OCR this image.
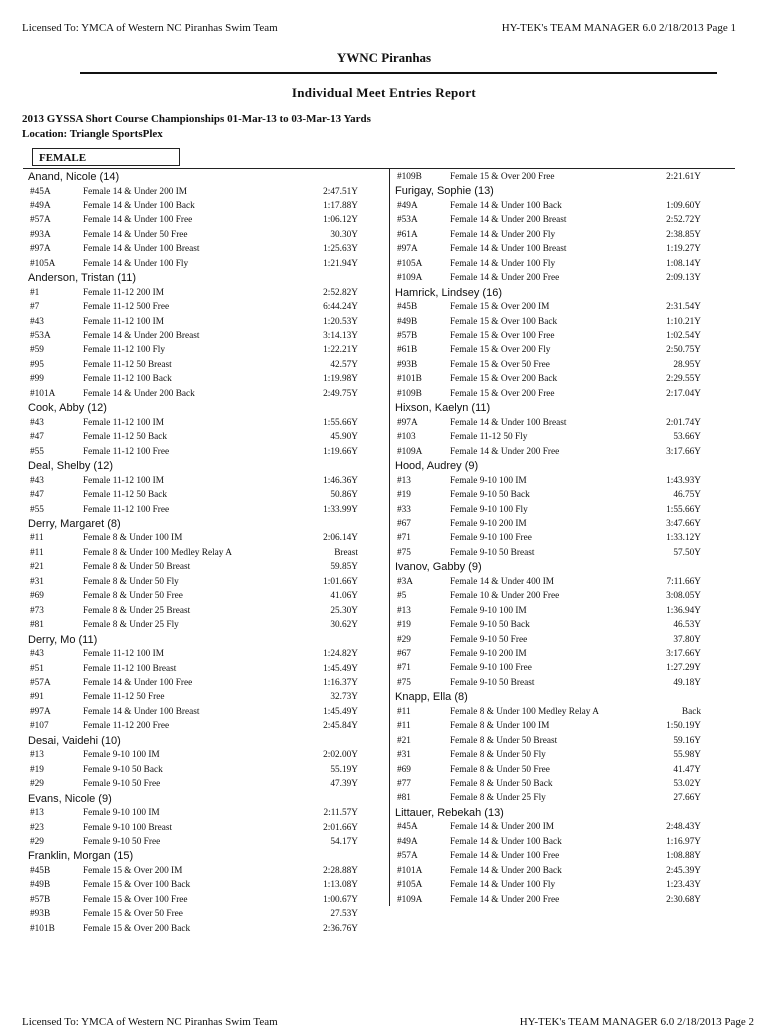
Licensed To: YMCA of Western NC Piranhas Swim Team	HY-TEK's TEAM MANAGER 6.0 2/18/2013 Page 1
YWNC Piranhas
Individual Meet Entries Report
2013 GYSSA Short Course Championships 01-Mar-13 to 03-Mar-13 Yards
Location: Triangle SportsPlex
FEMALE
Anand, Nicole (14)
#45A	Female 14 & Under 200 IM	2:47.51Y
#49A	Female 14 & Under 100 Back	1:17.88Y
#57A	Female 14 & Under 100 Free	1:06.12Y
#93A	Female 14 & Under 50 Free	30.30Y
#97A	Female 14 & Under 100 Breast	1:25.63Y
#105A	Female 14 & Under 100 Fly	1:21.94Y
Anderson, Tristan (11)
#1	Female 11-12 200 IM	2:52.82Y
#7	Female 11-12 500 Free	6:44.24Y
#43	Female 11-12 100 IM	1:20.53Y
#53A	Female 14 & Under 200 Breast	3:14.13Y
#59	Female 11-12 100 Fly	1:22.21Y
#95	Female 11-12 50 Breast	42.57Y
#99	Female 11-12 100 Back	1:19.98Y
#101A	Female 14 & Under 200 Back	2:49.75Y
Cook, Abby (12)
#43	Female 11-12 100 IM	1:55.66Y
#47	Female 11-12 50 Back	45.90Y
#55	Female 11-12 100 Free	1:19.66Y
Deal, Shelby (12)
#43	Female 11-12 100 IM	1:46.36Y
#47	Female 11-12 50 Back	50.86Y
#55	Female 11-12 100 Free	1:33.99Y
Derry, Margaret (8)
#11	Female 8 & Under 100 IM	2:06.14Y
#11	Female 8 & Under 100 Medley Relay A	Breast
#21	Female 8 & Under 50 Breast	59.85Y
#31	Female 8 & Under 50 Fly	1:01.66Y
#69	Female 8 & Under 50 Free	41.06Y
#73	Female 8 & Under 25 Breast	25.30Y
#81	Female 8 & Under 25 Fly	30.62Y
Derry, Mo (11)
#43	Female 11-12 100 IM	1:24.82Y
#51	Female 11-12 100 Breast	1:45.49Y
#57A	Female 14 & Under 100 Free	1:16.37Y
#91	Female 11-12 50 Free	32.73Y
#97A	Female 14 & Under 100 Breast	1:45.49Y
#107	Female 11-12 200 Free	2:45.84Y
Desai, Vaidehi (10)
#13	Female 9-10 100 IM	2:02.00Y
#19	Female 9-10 50 Back	55.19Y
#29	Female 9-10 50 Free	47.39Y
Evans, Nicole (9)
#13	Female 9-10 100 IM	2:11.57Y
#23	Female 9-10 100 Breast	2:01.66Y
#29	Female 9-10 50 Free	54.17Y
Franklin, Morgan (15)
#45B	Female 15 & Over 200 IM	2:28.88Y
#49B	Female 15 & Over 100 Back	1:13.08Y
#57B	Female 15 & Over 100 Free	1:00.67Y
#93B	Female 15 & Over 50 Free	27.53Y
#101B	Female 15 & Over 200 Back	2:36.76Y
#109B	Female 15 & Over 200 Free	2:21.61Y
Furigay, Sophie (13)
#49A	Female 14 & Under 100 Back	1:09.60Y
#53A	Female 14 & Under 200 Breast	2:52.72Y
#61A	Female 14 & Under 200 Fly	2:38.85Y
#97A	Female 14 & Under 100 Breast	1:19.27Y
#105A	Female 14 & Under 100 Fly	1:08.14Y
#109A	Female 14 & Under 200 Free	2:09.13Y
Hamrick, Lindsey (16)
#45B	Female 15 & Over 200 IM	2:31.54Y
#49B	Female 15 & Over 100 Back	1:10.21Y
#57B	Female 15 & Over 100 Free	1:02.54Y
#61B	Female 15 & Over 200 Fly	2:50.75Y
#93B	Female 15 & Over 50 Free	28.95Y
#101B	Female 15 & Over 200 Back	2:29.55Y
#109B	Female 15 & Over 200 Free	2:17.04Y
Hixson, Kaelyn (11)
#97A	Female 14 & Under 100 Breast	2:01.74Y
#103	Female 11-12 50 Fly	53.66Y
#109A	Female 14 & Under 200 Free	3:17.66Y
Hood, Audrey (9)
#13	Female 9-10 100 IM	1:43.93Y
#19	Female 9-10 50 Back	46.75Y
#33	Female 9-10 100 Fly	1:55.66Y
#67	Female 9-10 200 IM	3:47.66Y
#71	Female 9-10 100 Free	1:33.12Y
#75	Female 9-10 50 Breast	57.50Y
Ivanov, Gabby (9)
#3A	Female 14 & Under 400 IM	7:11.66Y
#5	Female 10 & Under 200 Free	3:08.05Y
#13	Female 9-10 100 IM	1:36.94Y
#19	Female 9-10 50 Back	46.53Y
#29	Female 9-10 50 Free	37.80Y
#67	Female 9-10 200 IM	3:17.66Y
#71	Female 9-10 100 Free	1:27.29Y
#75	Female 9-10 50 Breast	49.18Y
Knapp, Ella (8)
#11	Female 8 & Under 100 Medley Relay A	Back
#11	Female 8 & Under 100 IM	1:50.19Y
#21	Female 8 & Under 50 Breast	59.16Y
#31	Female 8 & Under 50 Fly	55.98Y
#69	Female 8 & Under 50 Free	41.47Y
#77	Female 8 & Under 50 Back	53.02Y
#81	Female 8 & Under 25 Fly	27.66Y
Littauer, Rebekah (13)
#45A	Female 14 & Under 200 IM	2:48.43Y
#49A	Female 14 & Under 100 Back	1:16.97Y
#57A	Female 14 & Under 100 Free	1:08.88Y
#101A	Female 14 & Under 200 Back	2:45.39Y
#105A	Female 14 & Under 100 Fly	1:23.43Y
#109A	Female 14 & Under 200 Free	2:30.68Y
Licensed To: YMCA of Western NC Piranhas Swim Team	HY-TEK's TEAM MANAGER 6.0 2/18/2013 Page 2
